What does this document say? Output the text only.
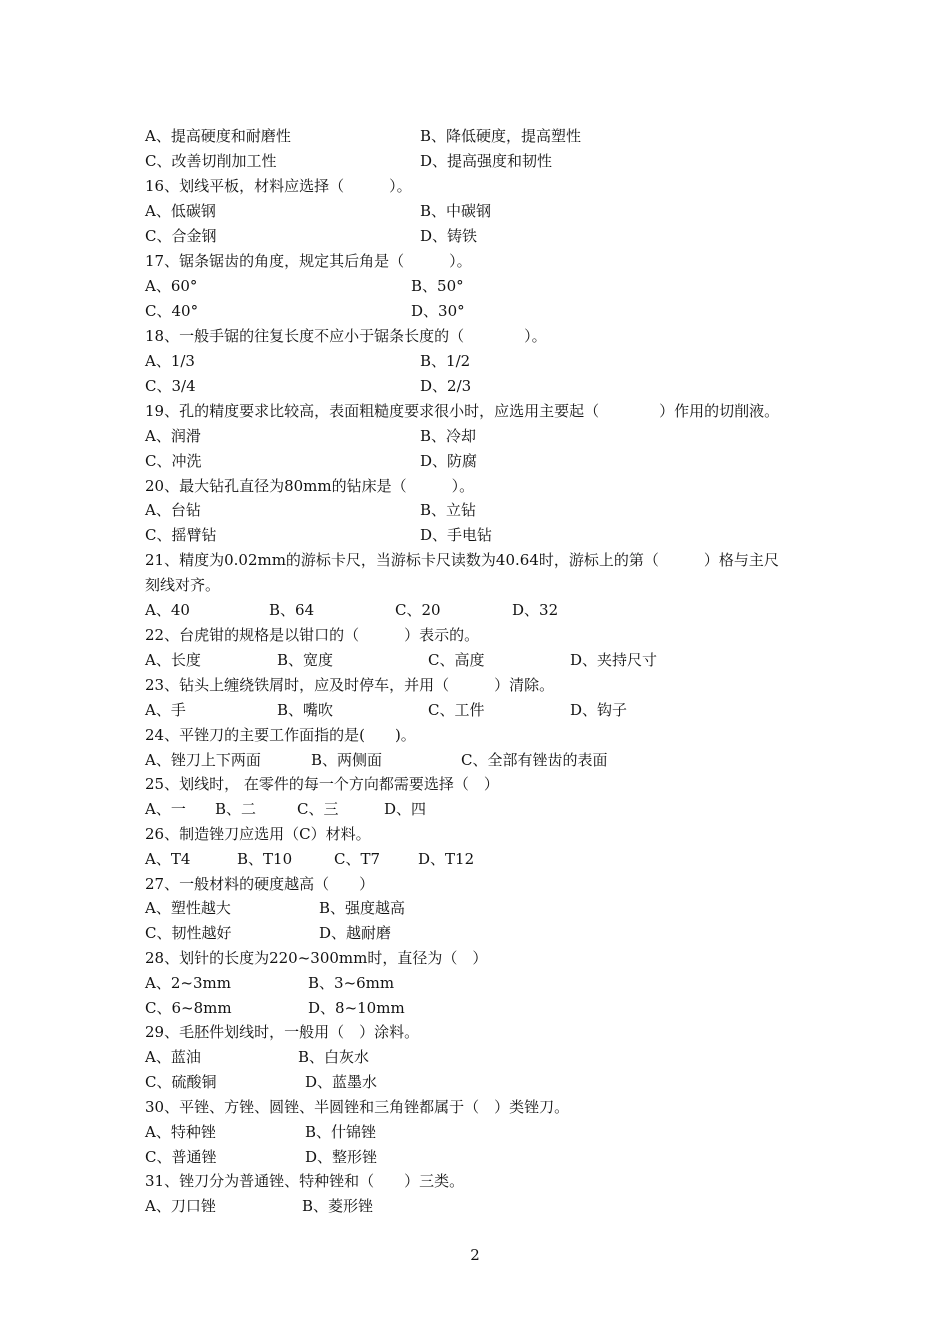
A、提高硬度和耐磨性	B、降低硬度，提高塑性
C、改善切削加工性	D、提高强度和韧性
16、划线平板，材料应选择（　　　）。
A、低碳钢	B、中碳钢
C、合金钢	D、铸铁
17、锯条锯齿的角度，规定其后角是（　　　）。
A、60°	B、50°
C、40°	D、30°
18、一般手锯的往复长度不应小于锯条长度的（　　　　）。
A、1/3	B、1/2
C、3/4	D、2/3
19、孔的精度要求比较高，表面粗糙度要求很小时，应选用主要起（　　　　）作用的切削液。
A、润滑	B、冷却
C、冲洗	D、防腐
20、最大钻孔直径为80mm的钻床是（　　　）。
A、台钻	B、立钻
C、摇臂钻	D、手电钻
21、精度为0.02mm的游标卡尺，当游标卡尺读数为40.64时，游标上的第（　　　）格与主尺
刻线对齐。
A、40	B、64	C、20	D、32
22、台虎钳的规格是以钳口的（　　　）表示的。
A、长度	B、宽度	C、高度	D、夹持尺寸
23、钻头上缠绕铁屑时，应及时停车，并用（　　　）清除。
A、手	B、嘴吹	C、工件	D、钩子
24、平锉刀的主要工作面指的是(　　)。
A、锉刀上下两面	B、两侧面	C、全部有锉齿的表面
25、划线时， 在零件的每一个方向都需要选择（　）
A、一 B、二	C、三	D、四
26、制造锉刀应选用（C）材料。
A、T4	B、T10	C、T7	D、T12
27、一般材料的硬度越高（　　）
A、塑性越大	B、强度越高
C、韧性越好	D、越耐磨
28、划针的长度为220~300mm时，直径为（　）
A、2~3mm	B、3~6mm
C、6~8mm	D、8~10mm
29、毛胚件划线时，一般用（　）涂料。
A、蓝油	B、白灰水
C、硫酸铜	D、蓝墨水
30、平锉、方锉、圆锉、半圆锉和三角锉都属于（　）类锉刀。
A、特种锉	B、什锦锉
C、普通锉	D、整形锉
31、锉刀分为普通锉、特种锉和（　　）三类。
A、刀口锉	B、菱形锉
2
